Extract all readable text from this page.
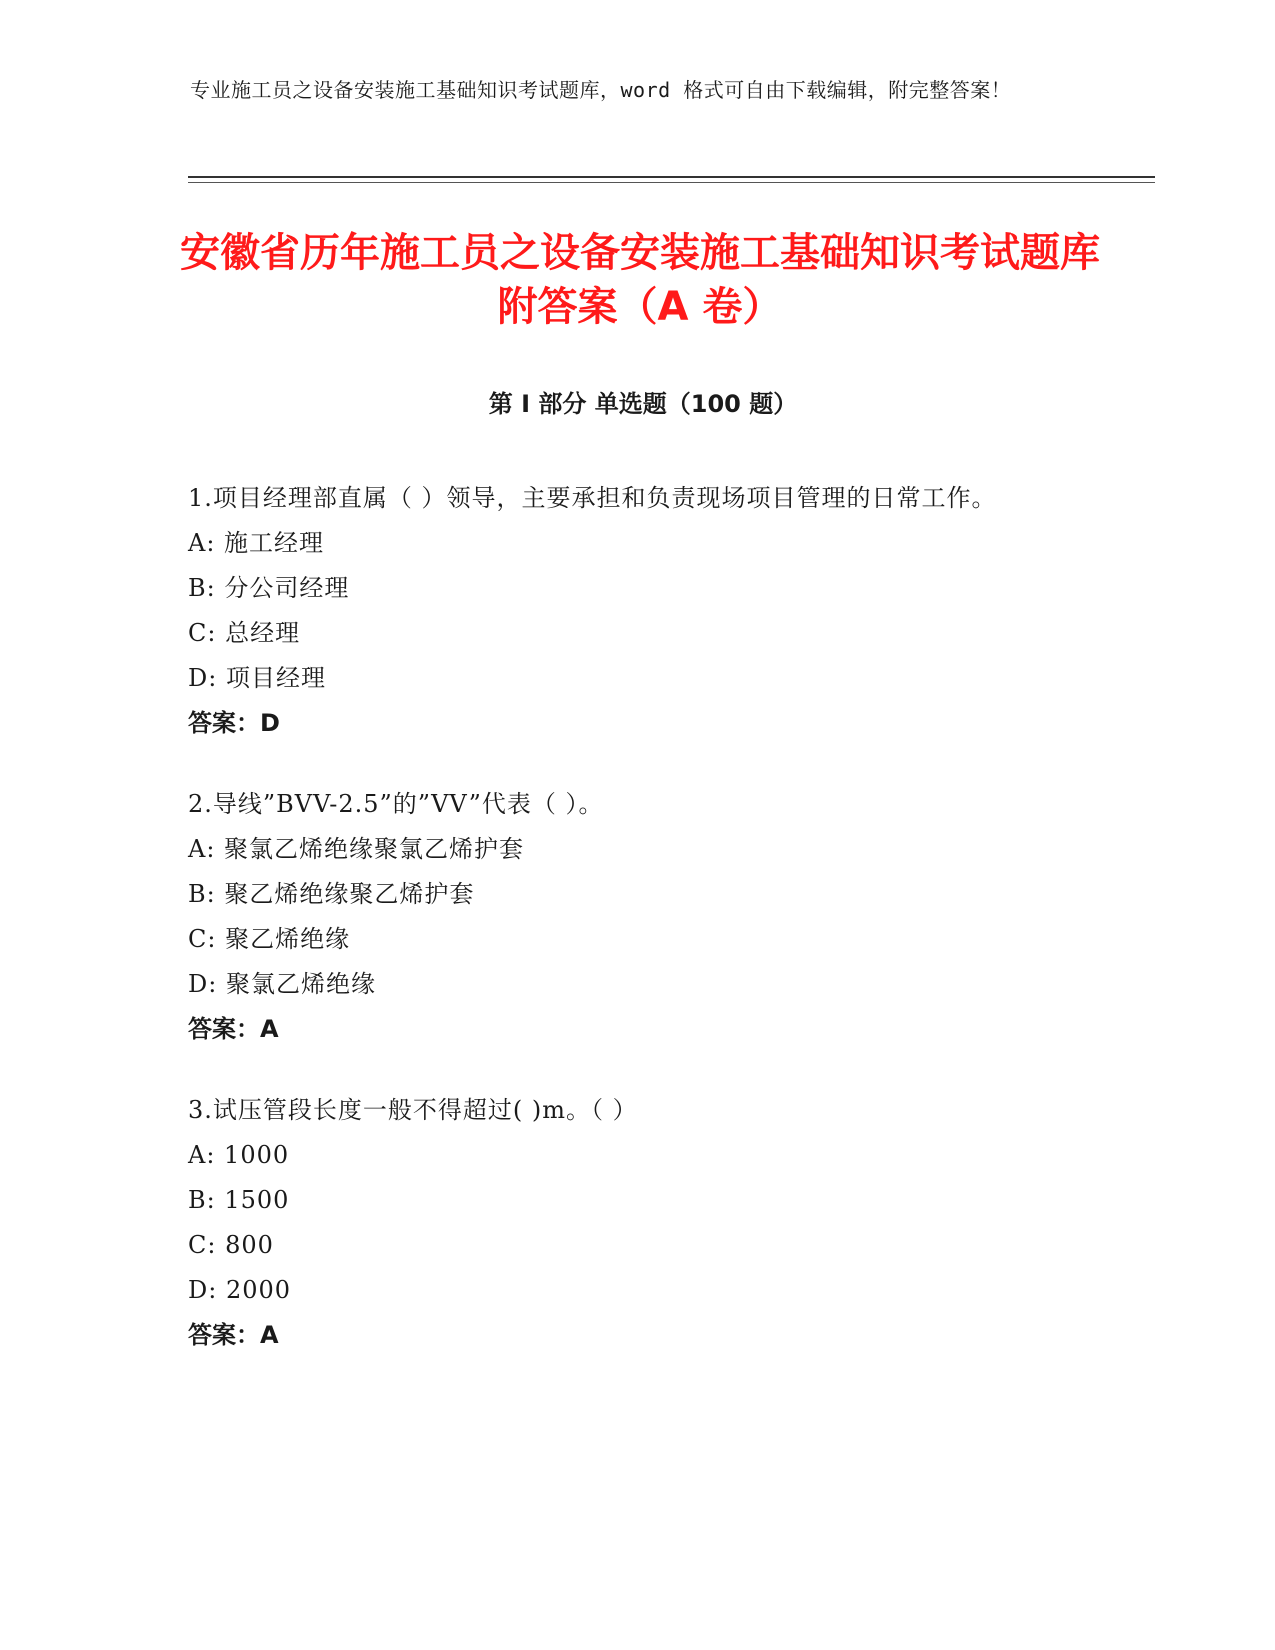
专业施工员之设备安装施工基础知识考试题库，word 格式可自由下载编辑，附完整答案！
安徽省历年施工员之设备安装施工基础知识考试题库附答案（A 卷）
第 I 部分 单选题（100 题）

1.项目经理部直属（ ）领导，主要承担和负责现场项目管理的日常工作。

A: 施工经理

B: 分公司经理

C: 总经理

D: 项目经理

答案：D

2.导线”BVV-2.5”的”VV”代表（ ）。

A: 聚氯乙烯绝缘聚氯乙烯护套

B: 聚乙烯绝缘聚乙烯护套

C: 聚乙烯绝缘

D: 聚氯乙烯绝缘

答案：A

3.试压管段长度一般不得超过( )m。（ ）

A: 1000

B: 1500

C: 800

D: 2000

答案：A
